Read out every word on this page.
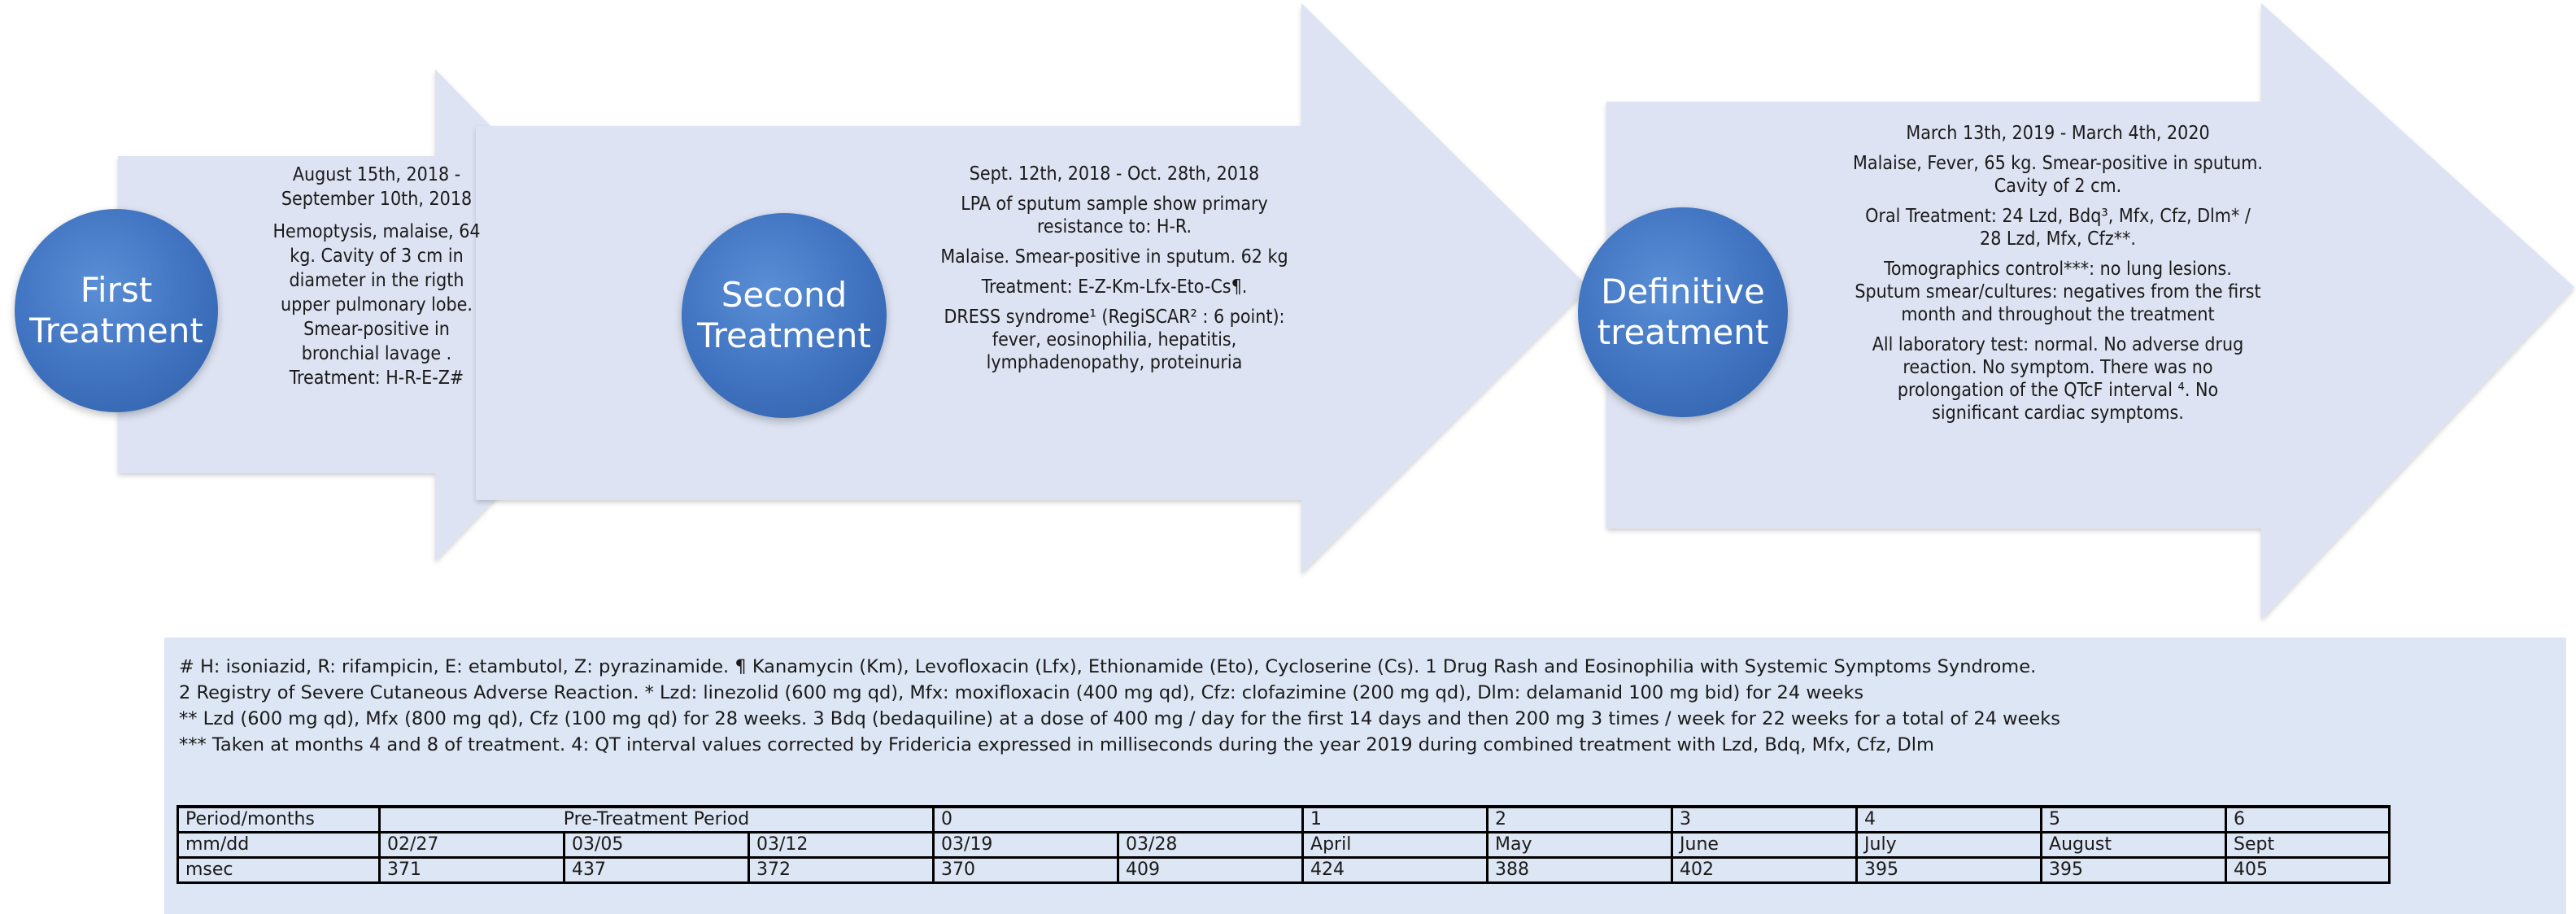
First
Treatment
Second
Treatment
Definitive
treatment
August 15th, 2018 -
September 10th, 2018
Hemoptysis, malaise, 64
kg. Cavity of 3 cm in
diameter in the rigth
upper pulmonary lobe.
Smear-positive in
bronchial lavage .
Treatment: H-R-E-Z#

Sept. 12th, 2018 - Oct. 28th, 2018

LPA of sputum sample show primary
resistance to: H-R.

Malaise. Smear-positive in sputum. 62 kg

Treatment: E-Z-Km-Lfx-Eto-Cs¶.

DRESS syndrome¹ (RegiSCAR² : 6 point):
fever, eosinophilia, hepatitis,
lymphadenopathy, proteinuria

March 13th, 2019 - March 4th, 2020

Malaise, Fever, 65 kg. Smear-positive in sputum.
Cavity of 2 cm.

Oral Treatment: 24 Lzd, Bdq³, Mfx, Cfz, Dlm* /
28 Lzd, Mfx, Cfz**.

Tomographics control***: no lung lesions.
Sputum smear/cultures: negatives from the first
month and throughout the treatment

All laboratory test: normal. No adverse drug
reaction. No symptom. There was no
prolongation of the QTcF interval ⁴. No
significant cardiac symptoms.

# H: isoniazid, R: rifampicin, E: etambutol, Z: pyrazinamide. ¶ Kanamycin (Km), Levofloxacin (Lfx), Ethionamide (Eto), Cycloserine (Cs). 1 Drug Rash and Eosinophilia with Systemic Symptoms Syndrome.
2 Registry of Severe Cutaneous Adverse Reaction. * Lzd: linezolid (600 mg qd), Mfx: moxifloxacin (400 mg qd), Cfz: clofazimine (200 mg qd), Dlm: delamanid 100 mg bid) for 24 weeks
** Lzd (600 mg qd), Mfx (800 mg qd), Cfz (100 mg qd) for 28 weeks. 3 Bdq (bedaquiline) at a dose of 400 mg / day for the first 14 days and then 200 mg 3 times / week for 22 weeks for a total of 24 weeks
*** Taken at months 4 and 8 of treatment. 4: QT interval values corrected by Fridericia expressed in milliseconds during the year 2019 during combined treatment with Lzd, Bdq, Mfx, Cfz, Dlm
Period/months	Pre-Treatment Period			0		1	2	3	4	5	6
mm/dd	02/27	03/05	03/12	03/19	03/28	April	May	June	July	August	Sept
msec	371	437	372	370	409	424	388	402	395	395	405
